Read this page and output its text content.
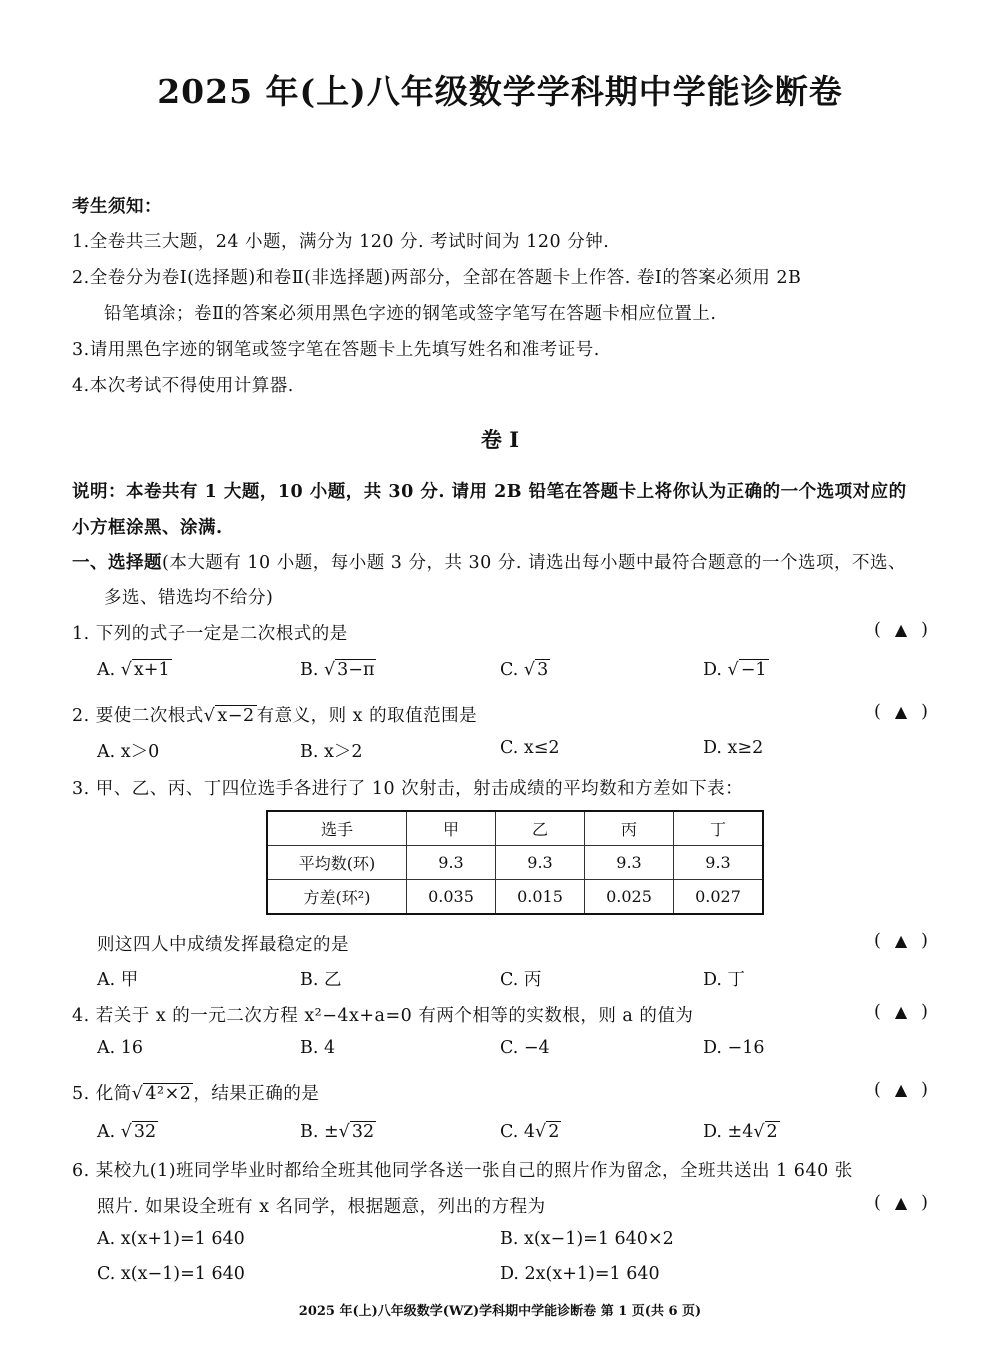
2025 年(上)八年级数学学科期中学能诊断卷
考生须知：
1.全卷共三大题，24 小题，满分为 120 分. 考试时间为 120 分钟.
2.全卷分为卷Ⅰ(选择题)和卷Ⅱ(非选择题)两部分，全部在答题卡上作答. 卷Ⅰ的答案必须用 2B
铅笔填涂；卷Ⅱ的答案必须用黑色字迹的钢笔或签字笔写在答题卡相应位置上.
3.请用黑色字迹的钢笔或签字笔在答题卡上先填写姓名和准考证号.
4.本次考试不得使用计算器.
卷 Ⅰ
说明：本卷共有 1 大题，10 小题，共 30 分. 请用 2B 铅笔在答题卡上将你认为正确的一个选项对应的
小方框涂黑、涂满.
一、选择题(本大题有 10 小题，每小题 3 分，共 30 分. 请选出每小题中最符合题意的一个选项，不选、
多选、错选均不给分)
1. 下列的式子一定是二次根式的是	( ▲ )
A. √ x+1	B. √ 3−π	C. √ 3	D. √ −1
2. 要使二次根式√ x−2 有意义，则 x 的取值范围是	( ▲ )
A. x＞0	B. x＞2	C. x≤2	D. x≥2
3. 甲、乙、丙、丁四位选手各进行了 10 次射击，射击成绩的平均数和方差如下表：
选手	甲	乙	丙	丁
平均数(环)	9.3	9.3	9.3	9.3
方差(环²)	0.035	0.015	0.025	0.027
则这四人中成绩发挥最稳定的是	( ▲ )
A. 甲	B. 乙	C. 丙	D. 丁
4. 若关于 x 的一元二次方程 x²−4x+a=0 有两个相等的实数根，则 a 的值为	( ▲ )
A. 16	B. 4	C. −4	D. −16
5. 化简√ 4²×2 ，结果正确的是	( ▲ )
A. √ 32	B. ±√ 32	C. 4√ 2	D. ±4√ 2
6. 某校九(1)班同学毕业时都给全班其他同学各送一张自己的照片作为留念，全班共送出 1 640 张
照片. 如果设全班有 x 名同学，根据题意，列出的方程为	( ▲ )
A. x(x+1)=1 640	B. x(x−1)=1 640×2
C. x(x−1)=1 640	D. 2x(x+1)=1 640
2025 年(上)八年级数学(WZ)学科期中学能诊断卷 第 1 页(共 6 页)
